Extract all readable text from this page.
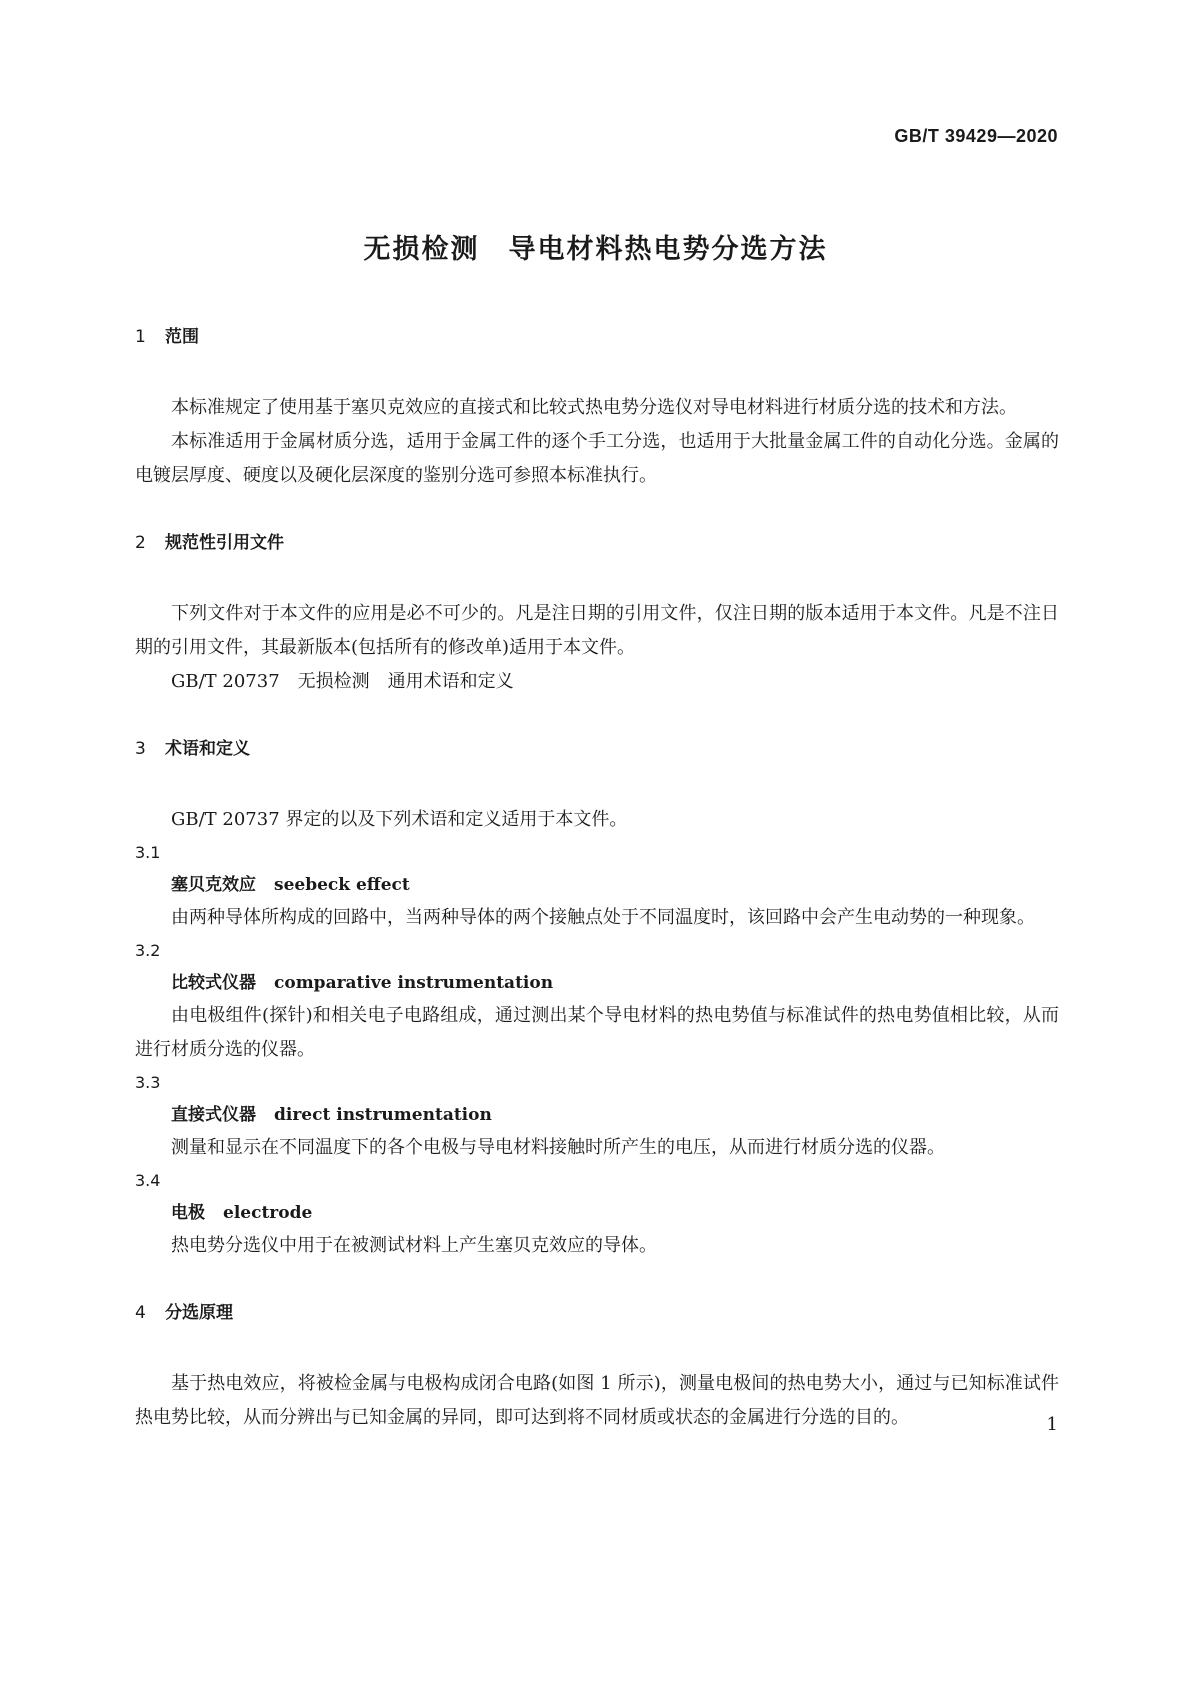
GB/T 39429—2020
无损检测　导电材料热电势分选方法
1 范围

本标准规定了使用基于塞贝克效应的直接式和比较式热电势分选仪对导电材料进行材质分选的技术和方法。

本标准适用于金属材质分选，适用于金属工件的逐个手工分选，也适用于大批量金属工件的自动化分选。金属的电镀层厚度、硬度以及硬化层深度的鉴别分选可参照本标准执行。

2 规范性引用文件

下列文件对于本文件的应用是必不可少的。凡是注日期的引用文件，仅注日期的版本适用于本文件。凡是不注日期的引用文件，其最新版本(包括所有的修改单)适用于本文件。

GB/T 20737　无损检测　通用术语和定义

3 术语和定义

GB/T 20737 界定的以及下列术语和定义适用于本文件。

3.1
塞贝克效应 seebeck effect

由两种导体所构成的回路中，当两种导体的两个接触点处于不同温度时，该回路中会产生电动势的一种现象。

3.2
比较式仪器 comparative instrumentation

由电极组件(探针)和相关电子电路组成，通过测出某个导电材料的热电势值与标准试件的热电势值相比较，从而进行材质分选的仪器。

3.3
直接式仪器 direct instrumentation

测量和显示在不同温度下的各个电极与导电材料接触时所产生的电压，从而进行材质分选的仪器。

3.4
电极 electrode

热电势分选仪中用于在被测试材料上产生塞贝克效应的导体。

4 分选原理

基于热电效应，将被检金属与电极构成闭合电路(如图 1 所示)，测量电极间的热电势大小，通过与已知标准试件热电势比较，从而分辨出与已知金属的异同，即可达到将不同材质或状态的金属进行分选的目的。	1
